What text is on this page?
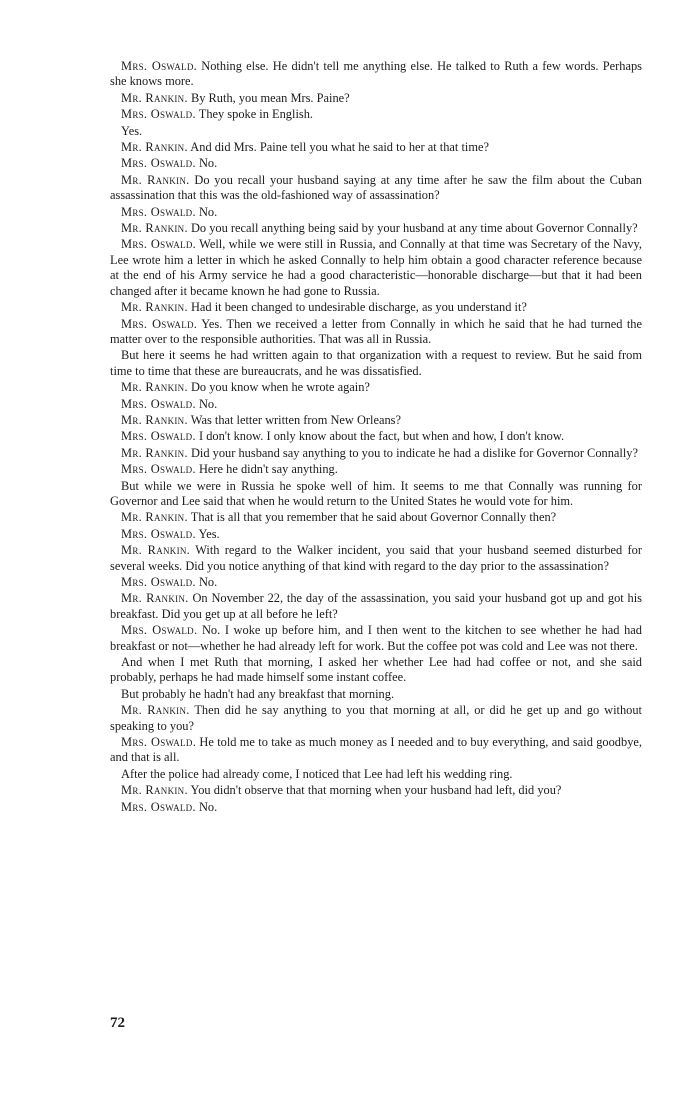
Mrs. Oswald. Nothing else. He didn't tell me anything else. He talked to Ruth a few words. Perhaps she knows more.

Mr. Rankin. By Ruth, you mean Mrs. Paine?

Mrs. Oswald. They spoke in English.

Yes.

Mr. Rankin. And did Mrs. Paine tell you what he said to her at that time?

Mrs. Oswald. No.

Mr. Rankin. Do you recall your husband saying at any time after he saw the film about the Cuban assassination that this was the old-fashioned way of assassination?

Mrs. Oswald. No.

Mr. Rankin. Do you recall anything being said by your husband at any time about Governor Connally?

Mrs. Oswald. Well, while we were still in Russia, and Connally at that time was Secretary of the Navy, Lee wrote him a letter in which he asked Connally to help him obtain a good character reference because at the end of his Army service he had a good characteristic—honorable discharge—but that it had been changed after it became known he had gone to Russia.

Mr. Rankin. Had it been changed to undesirable discharge, as you understand it?

Mrs. Oswald. Yes. Then we received a letter from Connally in which he said that he had turned the matter over to the responsible authorities. That was all in Russia.

But here it seems he had written again to that organization with a request to review. But he said from time to time that these are bureaucrats, and he was dissatisfied.

Mr. Rankin. Do you know when he wrote again?

Mrs. Oswald. No.

Mr. Rankin. Was that letter written from New Orleans?

Mrs. Oswald. I don't know. I only know about the fact, but when and how, I don't know.

Mr. Rankin. Did your husband say anything to you to indicate he had a dislike for Governor Connally?

Mrs. Oswald. Here he didn't say anything.

But while we were in Russia he spoke well of him. It seems to me that Connally was running for Governor and Lee said that when he would return to the United States he would vote for him.

Mr. Rankin. That is all that you remember that he said about Governor Connally then?

Mrs. Oswald. Yes.

Mr. Rankin. With regard to the Walker incident, you said that your husband seemed disturbed for several weeks. Did you notice anything of that kind with regard to the day prior to the assassination?

Mrs. Oswald. No.

Mr. Rankin. On November 22, the day of the assassination, you said your husband got up and got his breakfast. Did you get up at all before he left?

Mrs. Oswald. No. I woke up before him, and I then went to the kitchen to see whether he had had breakfast or not—whether he had already left for work. But the coffee pot was cold and Lee was not there.

And when I met Ruth that morning, I asked her whether Lee had had coffee or not, and she said probably, perhaps he had made himself some instant coffee.

But probably he hadn't had any breakfast that morning.

Mr. Rankin. Then did he say anything to you that morning at all, or did he get up and go without speaking to you?

Mrs. Oswald. He told me to take as much money as I needed and to buy everything, and said goodbye, and that is all.

After the police had already come, I noticed that Lee had left his wedding ring.

Mr. Rankin. You didn't observe that that morning when your husband had left, did you?

Mrs. Oswald. No.

72
